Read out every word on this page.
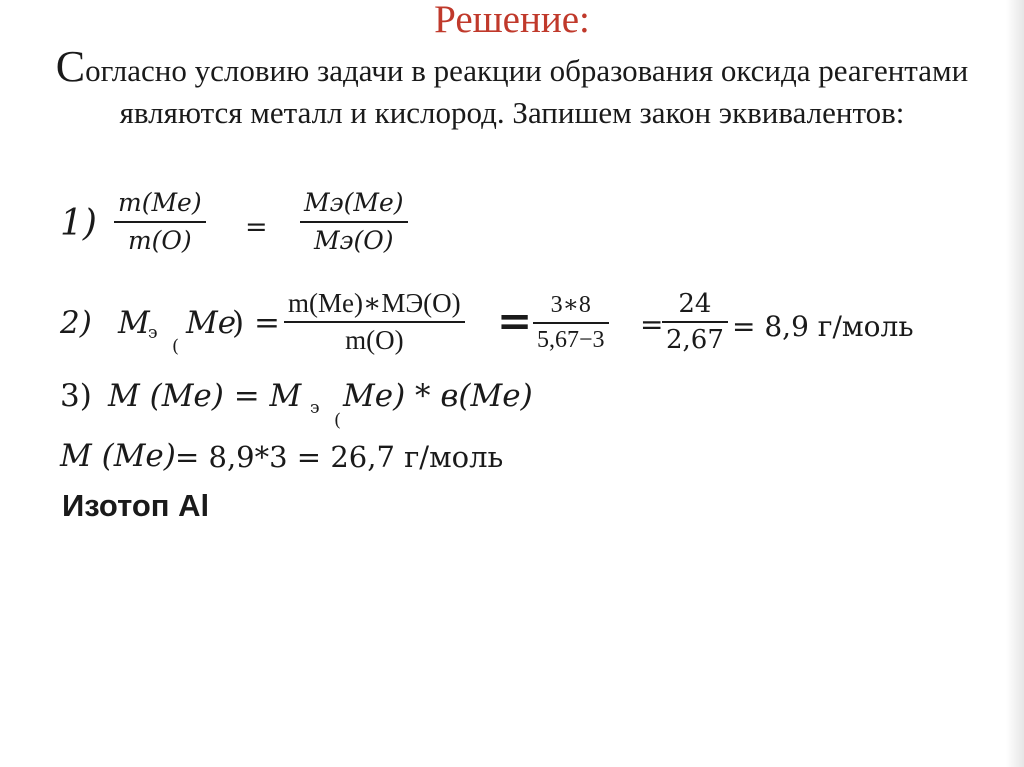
Решение:
Согласно условию задачи в реакции образования оксида реагентами являются металл и кислород. Запишем закон эквивалентов:
$1) \frac{m(Me)}{m(O)}$ =
Mэ(Me)
Mэ(O)
2) M
э
(
Me
) =
m(Me)∗MЭ(O)
m(O)	= $\frac{3∗8}{5,67-3}$ =
$\frac{24}{2,67} = 8,9$ г/моль
3) M (Me) = M э
(
Me) * в(Me)
M (Me) = 8,9*3 = 26,7 г/моль
Изотоп Al
